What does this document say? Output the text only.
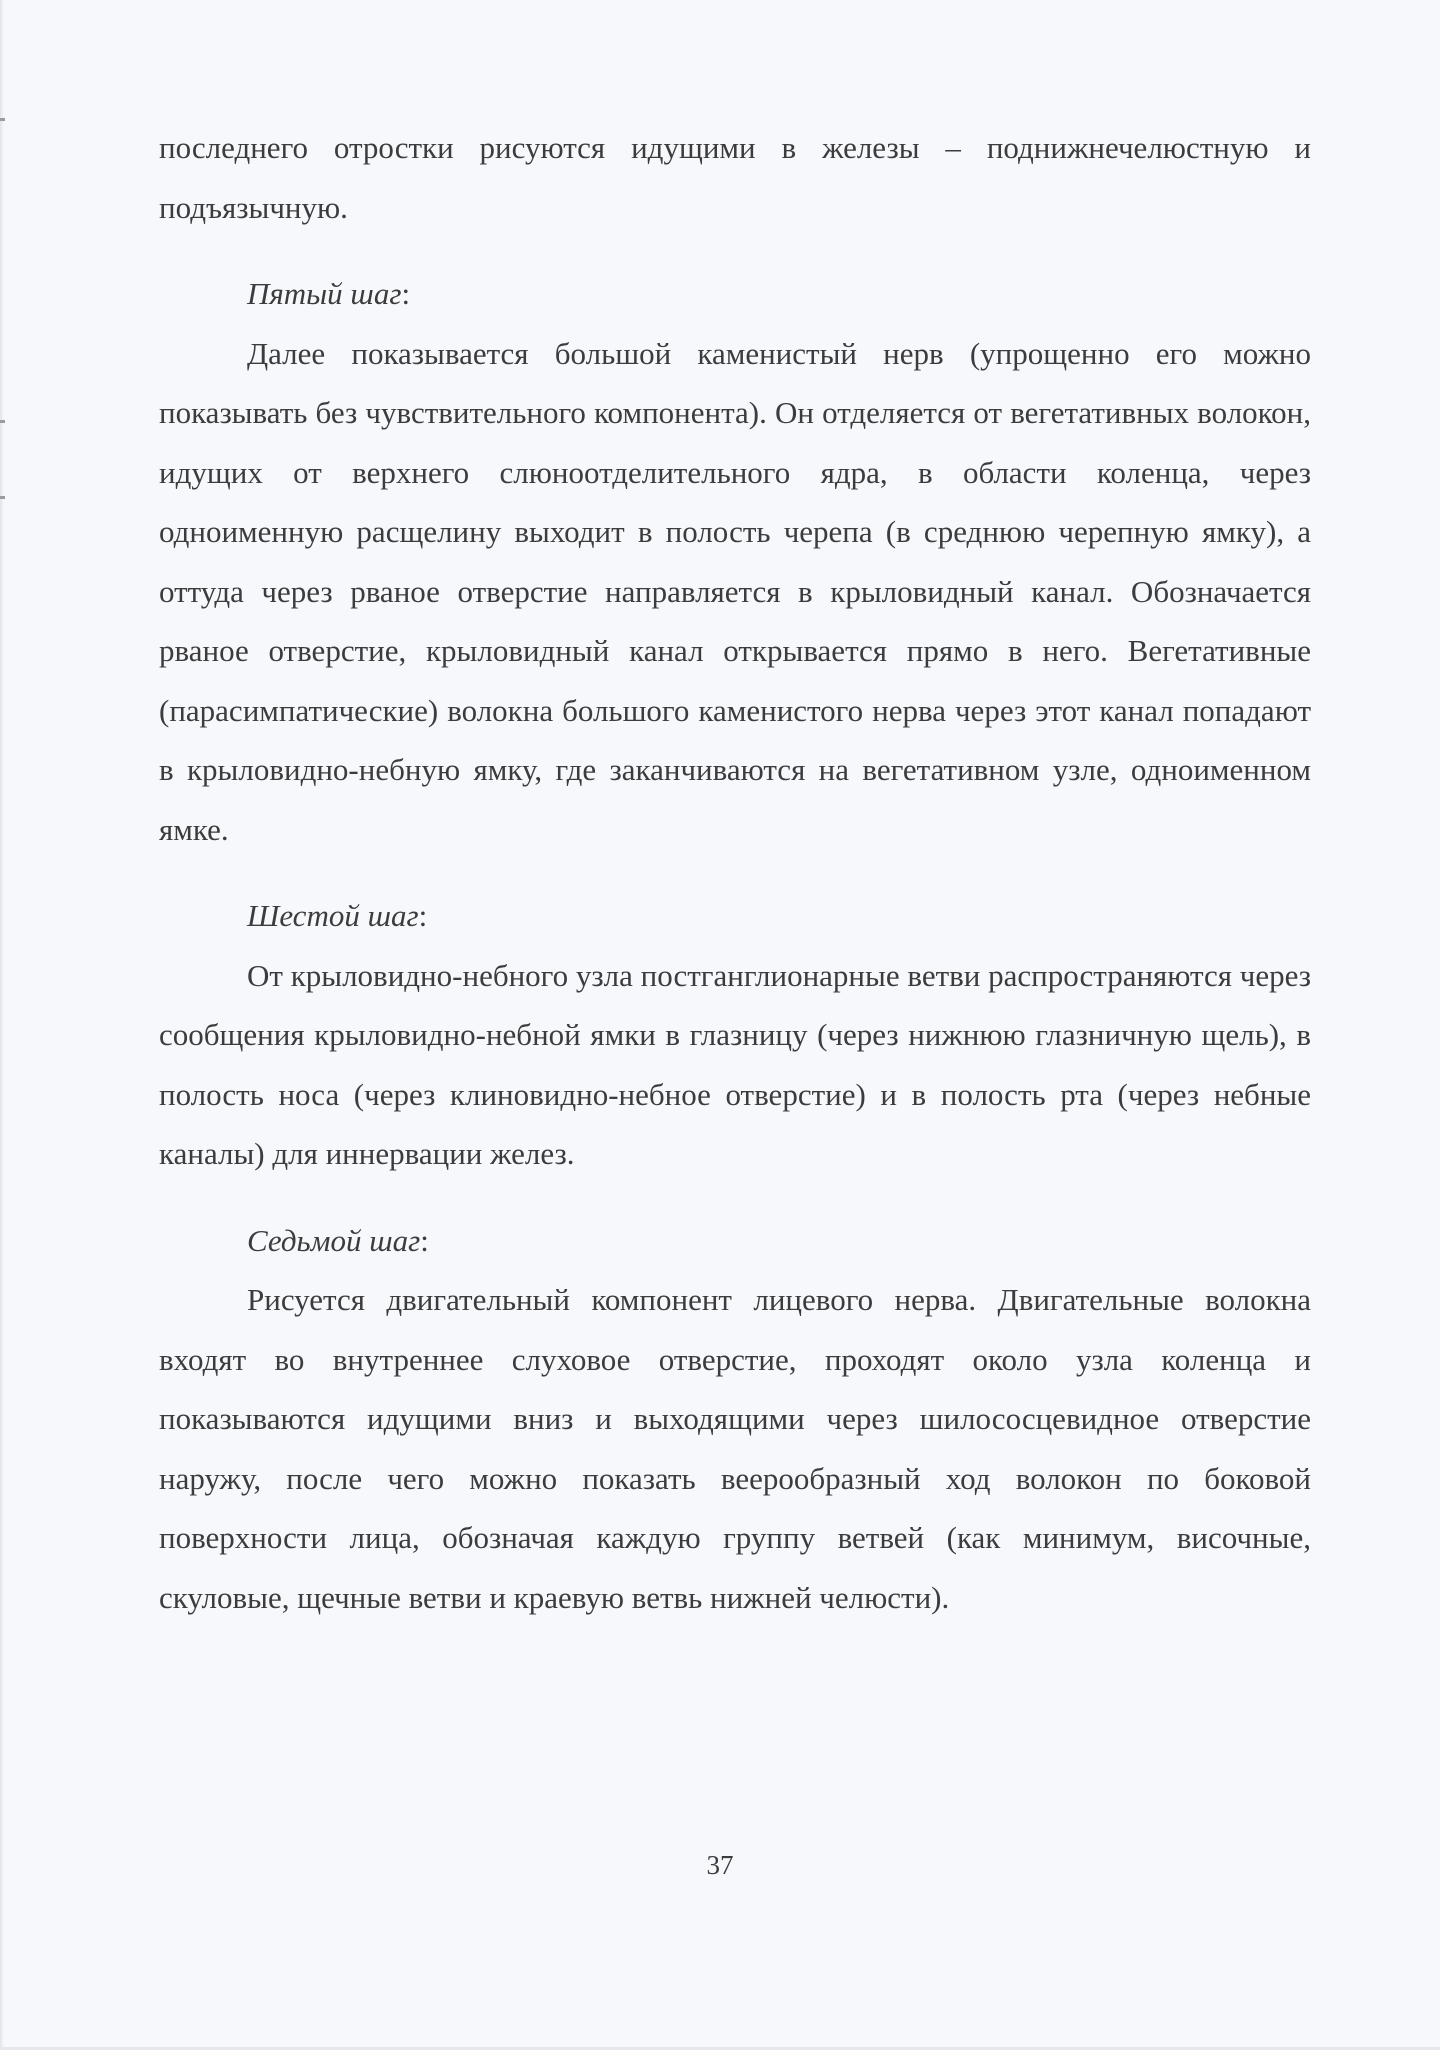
последнего отростки рисуются идущими в железы – поднижнечелюстную и подъязычную.

Пятый шаг:

Далее показывается большой каменистый нерв (упрощенно его можно показывать без чувствительного компонента). Он отделяется от вегетативных волокон, идущих от верхнего слюноотделительного ядра, в области коленца, через одноименную расщелину выходит в полость черепа (в среднюю черепную ямку), а оттуда через рваное отверстие направляется в крыловидный канал. Обозначается рваное отверстие, крыловидный канал открывается прямо в него. Вегетативные (парасимпатические) волокна большого каменистого нерва через этот канал попадают в крыловидно-небную ямку, где заканчиваются на вегетативном узле, одноименном ямке.

Шестой шаг:

От крыловидно-небного узла постганглионарные ветви распространяются через сообщения крыловидно-небной ямки в глазницу (через нижнюю глазничную щель), в полость носа (через клиновидно-небное отверстие) и в полость рта (через небные каналы) для иннервации желез.

Седьмой шаг:

Рисуется двигательный компонент лицевого нерва. Двигательные волокна входят во внутреннее слуховое отверстие, проходят около узла коленца и показываются идущими вниз и выходящими через шилососцевидное отверстие наружу, после чего можно показать веерообразный ход волокон по боковой поверхности лица, обозначая каждую группу ветвей (как минимум, височные, скуловые, щечные ветви и краевую ветвь нижней челюсти).

37
